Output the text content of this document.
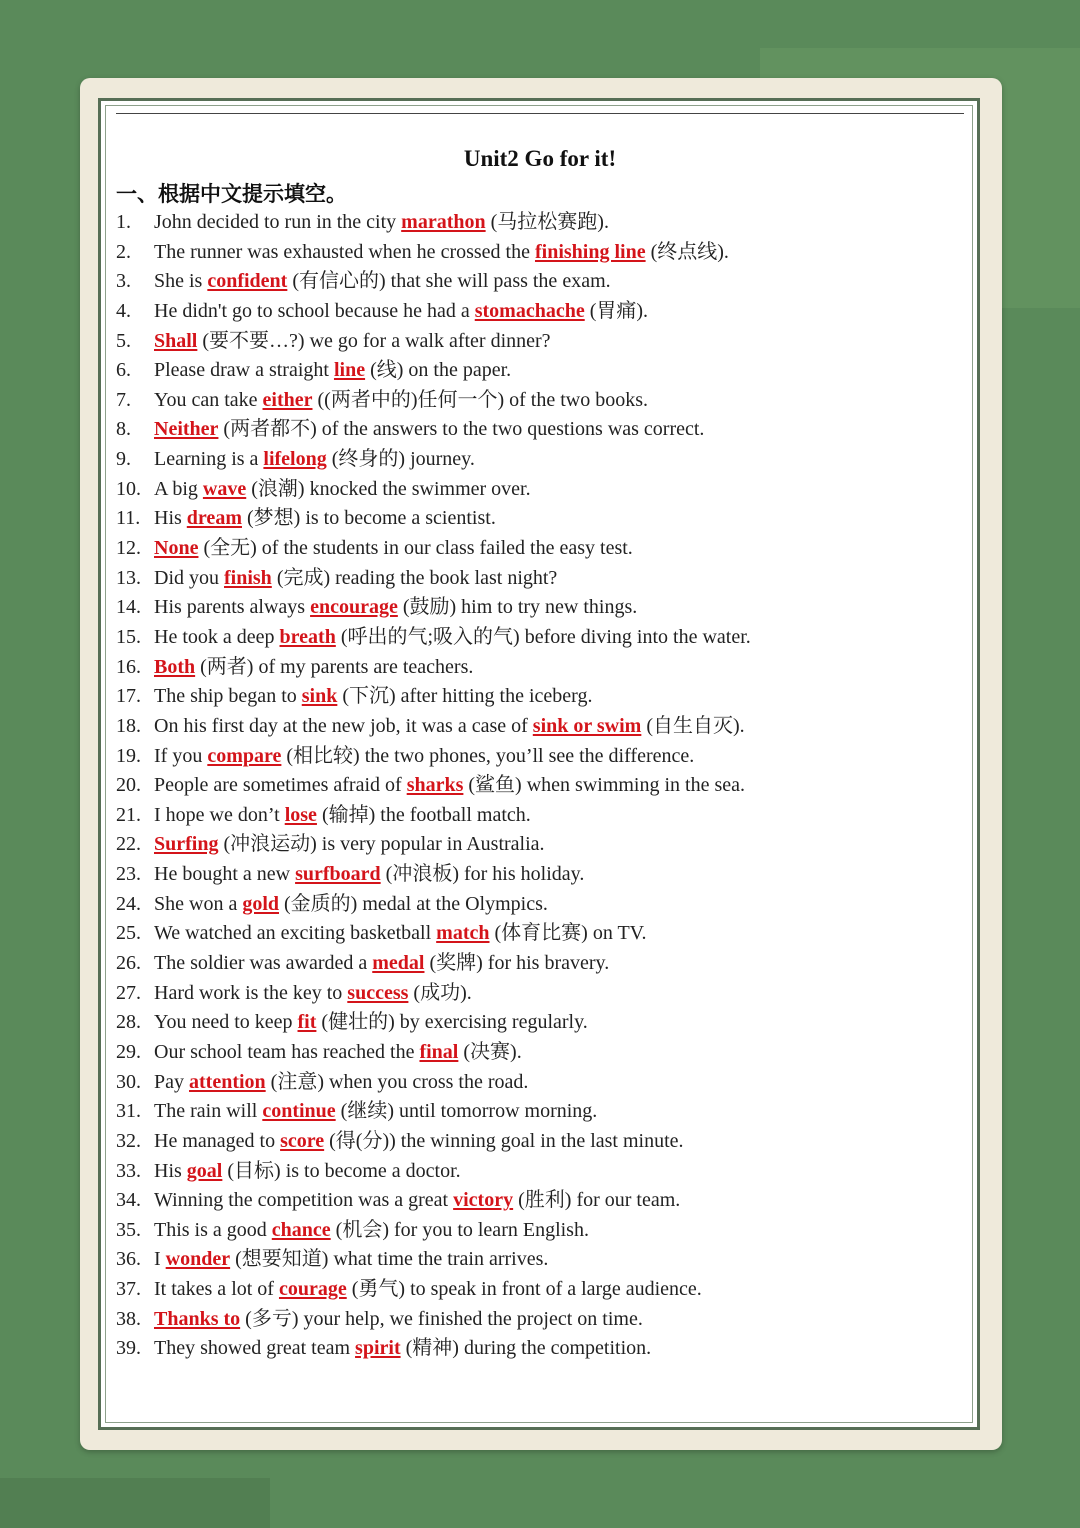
Unit2 Go for it!
一、根据中文提示填空。
1. John decided to run in the city marathon (马拉松赛跑).
2. The runner was exhausted when he crossed the finishing line (终点线).
3. She is confident (有信心的) that she will pass the exam.
4. He didn't go to school because he had a stomachache (胃痛).
5. Shall (要不要…?) we go for a walk after dinner?
6. Please draw a straight line (线) on the paper.
7. You can take either ((两者中的)任何一个) of the two books.
8. Neither (两者都不) of the answers to the two questions was correct.
9. Learning is a lifelong (终身的) journey.
10. A big wave (浪潮) knocked the swimmer over.
11. His dream (梦想) is to become a scientist.
12. None (全无) of the students in our class failed the easy test.
13. Did you finish (完成) reading the book last night?
14. His parents always encourage (鼓励) him to try new things.
15. He took a deep breath (呼出的气;吸入的气) before diving into the water.
16. Both (两者) of my parents are teachers.
17. The ship began to sink (下沉) after hitting the iceberg.
18. On his first day at the new job, it was a case of sink or swim (自生自灭).
19. If you compare (相比较) the two phones, you’ll see the difference.
20. People are sometimes afraid of sharks (鲨鱼) when swimming in the sea.
21. I hope we don’t lose (输掉) the football match.
22. Surfing (冲浪运动) is very popular in Australia.
23. He bought a new surfboard (冲浪板) for his holiday.
24. She won a gold (金质的) medal at the Olympics.
25. We watched an exciting basketball match (体育比赛) on TV.
26. The soldier was awarded a medal (奖牌) for his bravery.
27. Hard work is the key to success (成功).
28. You need to keep fit (健壮的) by exercising regularly.
29. Our school team has reached the final (决赛).
30. Pay attention (注意) when you cross the road.
31. The rain will continue (继续) until tomorrow morning.
32. He managed to score (得(分)) the winning goal in the last minute.
33. His goal (目标) is to become a doctor.
34. Winning the competition was a great victory (胜利) for our team.
35. This is a good chance (机会) for you to learn English.
36. I wonder (想要知道) what time the train arrives.
37. It takes a lot of courage (勇气) to speak in front of a large audience.
38. Thanks to (多亏) your help, we finished the project on time.
39. They showed great team spirit (精神) during the competition.
